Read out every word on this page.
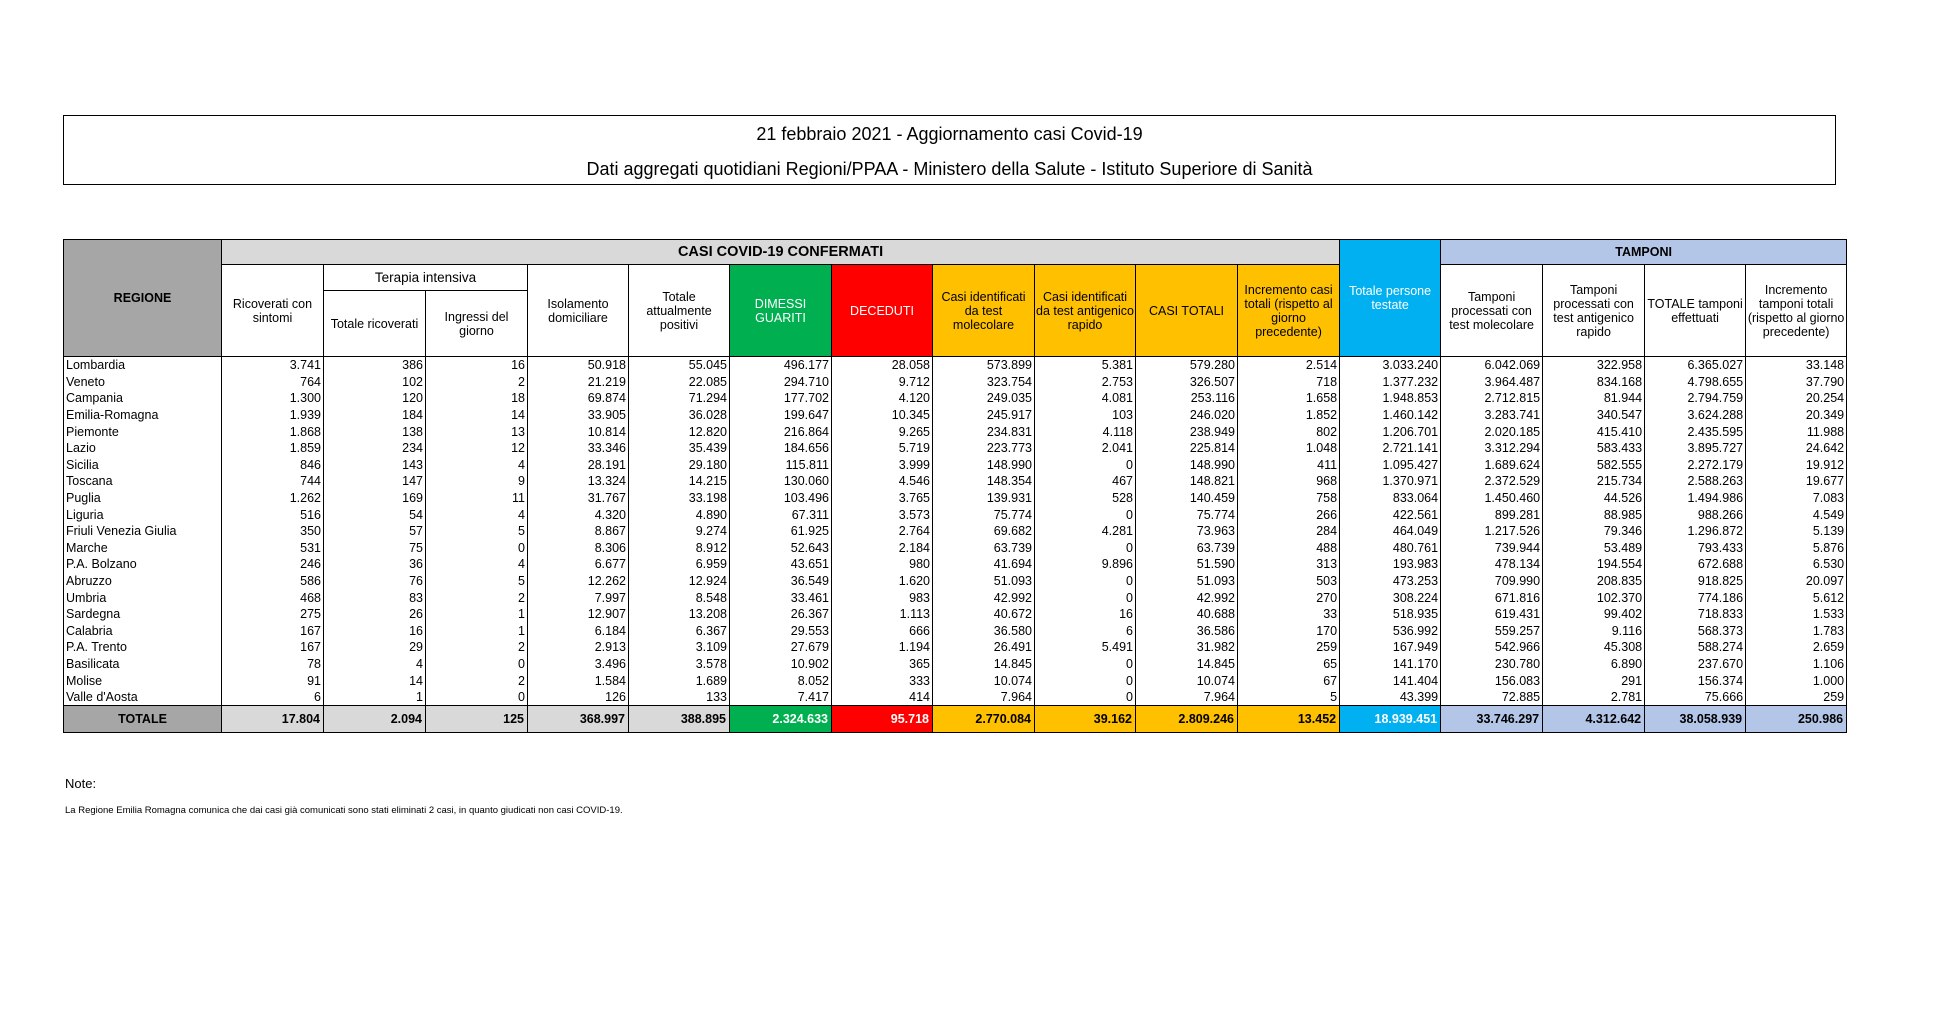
21 febbraio 2021 - Aggiornamento casi Covid-19
Dati aggregati quotidiani Regioni/PPAA - Ministero della Salute - Istituto Superiore di Sanità
REGIONE	CASI COVID-19 CONFERMATI											Totale persone testate	TAMPONI			
	Ricoverati con sintomi	Terapia intensiva		Isolamento domiciliare	Totale attualmente positivi	DIMESSI GUARITI	DECEDUTI	Casi identificati da test molecolare	Casi identificati da test antigenico rapido	CASI TOTALI	Incremento casi totali (rispetto al giorno precedente)		Tamponi processati con test molecolare	Tamponi processati con test antigenico rapido	TOTALE tamponi effettuati	Incremento tamponi totali (rispetto al giorno precedente)
		Totale ricoverati	Ingressi del giorno													
Lombardia	3.741	386	16	50.918	55.045	496.177	28.058	573.899	5.381	579.280	2.514	3.033.240	6.042.069	322.958	6.365.027	33.148
Veneto	764	102	2	21.219	22.085	294.710	9.712	323.754	2.753	326.507	718	1.377.232	3.964.487	834.168	4.798.655	37.790
Campania	1.300	120	18	69.874	71.294	177.702	4.120	249.035	4.081	253.116	1.658	1.948.853	2.712.815	81.944	2.794.759	20.254
Emilia-Romagna	1.939	184	14	33.905	36.028	199.647	10.345	245.917	103	246.020	1.852	1.460.142	3.283.741	340.547	3.624.288	20.349
Piemonte	1.868	138	13	10.814	12.820	216.864	9.265	234.831	4.118	238.949	802	1.206.701	2.020.185	415.410	2.435.595	11.988
Lazio	1.859	234	12	33.346	35.439	184.656	5.719	223.773	2.041	225.814	1.048	2.721.141	3.312.294	583.433	3.895.727	24.642
Sicilia	846	143	4	28.191	29.180	115.811	3.999	148.990	0	148.990	411	1.095.427	1.689.624	582.555	2.272.179	19.912
Toscana	744	147	9	13.324	14.215	130.060	4.546	148.354	467	148.821	968	1.370.971	2.372.529	215.734	2.588.263	19.677
Puglia	1.262	169	11	31.767	33.198	103.496	3.765	139.931	528	140.459	758	833.064	1.450.460	44.526	1.494.986	7.083
Liguria	516	54	4	4.320	4.890	67.311	3.573	75.774	0	75.774	266	422.561	899.281	88.985	988.266	4.549
Friuli Venezia Giulia	350	57	5	8.867	9.274	61.925	2.764	69.682	4.281	73.963	284	464.049	1.217.526	79.346	1.296.872	5.139
Marche	531	75	0	8.306	8.912	52.643	2.184	63.739	0	63.739	488	480.761	739.944	53.489	793.433	5.876
P.A. Bolzano	246	36	4	6.677	6.959	43.651	980	41.694	9.896	51.590	313	193.983	478.134	194.554	672.688	6.530
Abruzzo	586	76	5	12.262	12.924	36.549	1.620	51.093	0	51.093	503	473.253	709.990	208.835	918.825	20.097
Umbria	468	83	2	7.997	8.548	33.461	983	42.992	0	42.992	270	308.224	671.816	102.370	774.186	5.612
Sardegna	275	26	1	12.907	13.208	26.367	1.113	40.672	16	40.688	33	518.935	619.431	99.402	718.833	1.533
Calabria	167	16	1	6.184	6.367	29.553	666	36.580	6	36.586	170	536.992	559.257	9.116	568.373	1.783
P.A. Trento	167	29	2	2.913	3.109	27.679	1.194	26.491	5.491	31.982	259	167.949	542.966	45.308	588.274	2.659
Basilicata	78	4	0	3.496	3.578	10.902	365	14.845	0	14.845	65	141.170	230.780	6.890	237.670	1.106
Molise	91	14	2	1.584	1.689	8.052	333	10.074	0	10.074	67	141.404	156.083	291	156.374	1.000
Valle d'Aosta	6	1	0	126	133	7.417	414	7.964	0	7.964	5	43.399	72.885	2.781	75.666	259
TOTALE	17.804	2.094	125	368.997	388.895	2.324.633	95.718	2.770.084	39.162	2.809.246	13.452	18.939.451	33.746.297	4.312.642	38.058.939	250.986
Note:
La Regione Emilia Romagna comunica che dai casi già comunicati sono stati eliminati 2 casi, in quanto giudicati non casi COVID-19.
